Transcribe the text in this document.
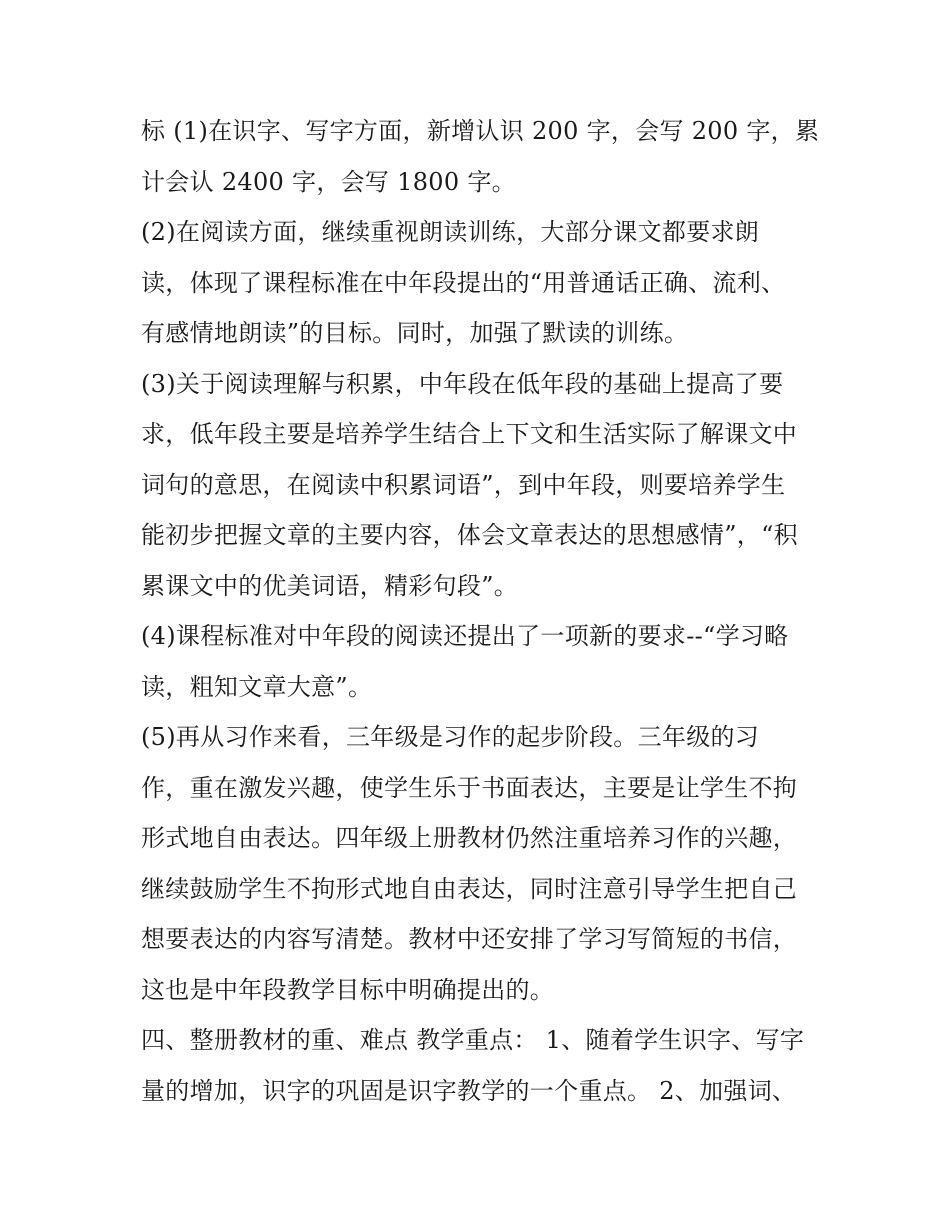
标 (1)在识字、写字方面，新增认识 200 字，会写 200 字，累
计会认 2400 字，会写 1800 字。
(2)在阅读方面，继续重视朗读训练，大部分课文都要求朗
读，体现了课程标准在中年段提出的“用普通话正确、流利、
有感情地朗读”的目标。同时，加强了默读的训练。
(3)关于阅读理解与积累，中年段在低年段的基础上提高了要
求，低年段主要是培养学生结合上下文和生活实际了解课文中
词句的意思，在阅读中积累词语”，到中年段，则要培养学生
能初步把握文章的主要内容，体会文章表达的思想感情”，“积
累课文中的优美词语，精彩句段”。
(4)课程标准对中年段的阅读还提出了一项新的要求--“学习略
读，粗知文章大意”。
(5)再从习作来看，三年级是习作的起步阶段。三年级的习
作，重在激发兴趣，使学生乐于书面表达，主要是让学生不拘
形式地自由表达。四年级上册教材仍然注重培养习作的兴趣，
继续鼓励学生不拘形式地自由表达，同时注意引导学生把自己
想要表达的内容写清楚。教材中还安排了学习写简短的书信，
这也是中年段教学目标中明确提出的。
四、整册教材的重、难点 教学重点： 1、随着学生识字、写字
量的增加，识字的巩固是识字教学的一个重点。 2、加强词、
